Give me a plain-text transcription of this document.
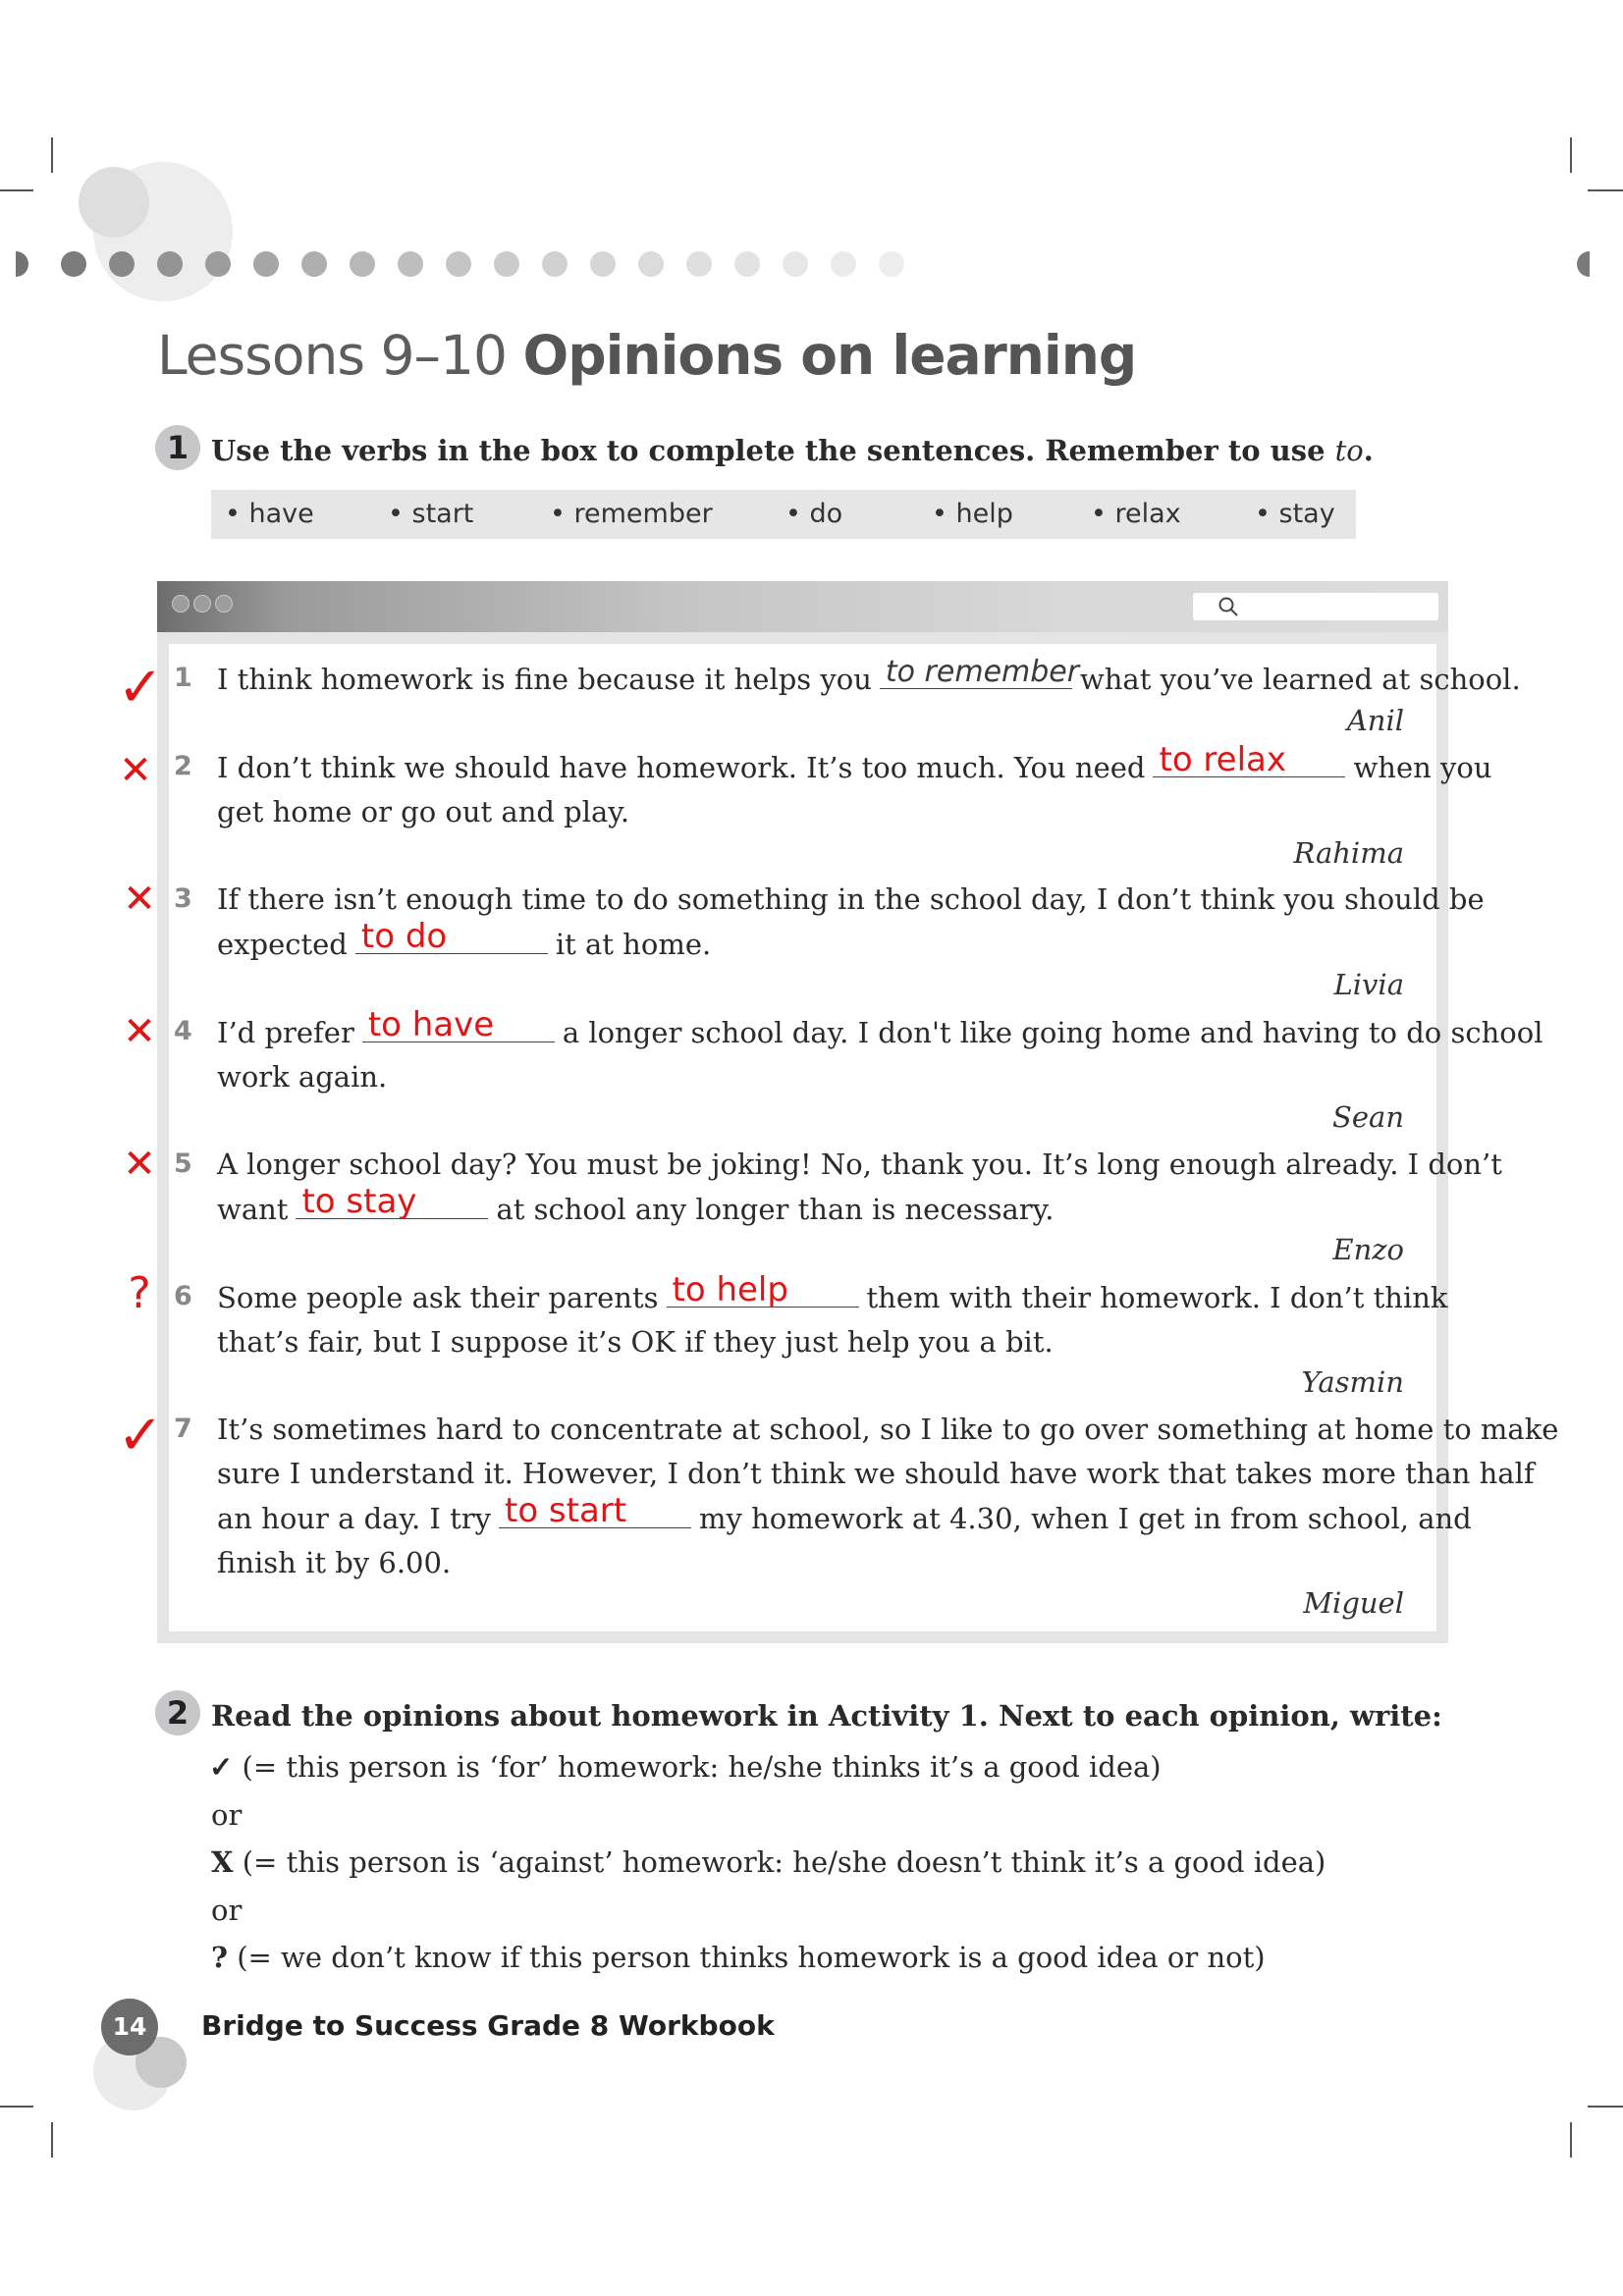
Lessons 9–10 Opinions on learning
1 Use the verbs in the box to complete the sentences. Remember to use to.
• have	• start	• remember	• do	• help	• relax	• stay
✓ 1 I think homework is fine because it helps you to remember what you’ve learned at school.
Anil
✕ 2 I don’t think we should have homework. It’s too much. You need to relax	when you
get home or go out and play.
Rahima
✕ 3 If there isn’t enough time to do something in the school day, I don’t think you should be
expected to do	it at home.
Livia
✕ 4 I’d prefer to have	a longer school day. I don't like going home and having to do school
work again.
Sean
✕ 5 A longer school day? You must be joking! No, thank you. It’s long enough already. I don’t
want to stay	at school any longer than is necessary.
Enzo
? 6 Some people ask their parents to help	them with their homework. I don’t think
that’s fair, but I suppose it’s OK if they just help you a bit.
Yasmin
✓ 7 It’s sometimes hard to concentrate at school, so I like to go over something at home to make
sure I understand it. However, I don’t think we should have work that takes more than half
an hour a day. I try to start	my homework at 4.30, when I get in from school, and
finish it by 6.00.
Miguel
2 Read the opinions about homework in Activity 1. Next to each opinion, write:
✓ (= this person is ‘for’ homework: he/she thinks it’s a good idea)
or
X (= this person is ‘against’ homework: he/she doesn’t think it’s a good idea)
or
? (= we don’t know if this person thinks homework is a good idea or not)
14	Bridge to Success Grade 8 Workbook
